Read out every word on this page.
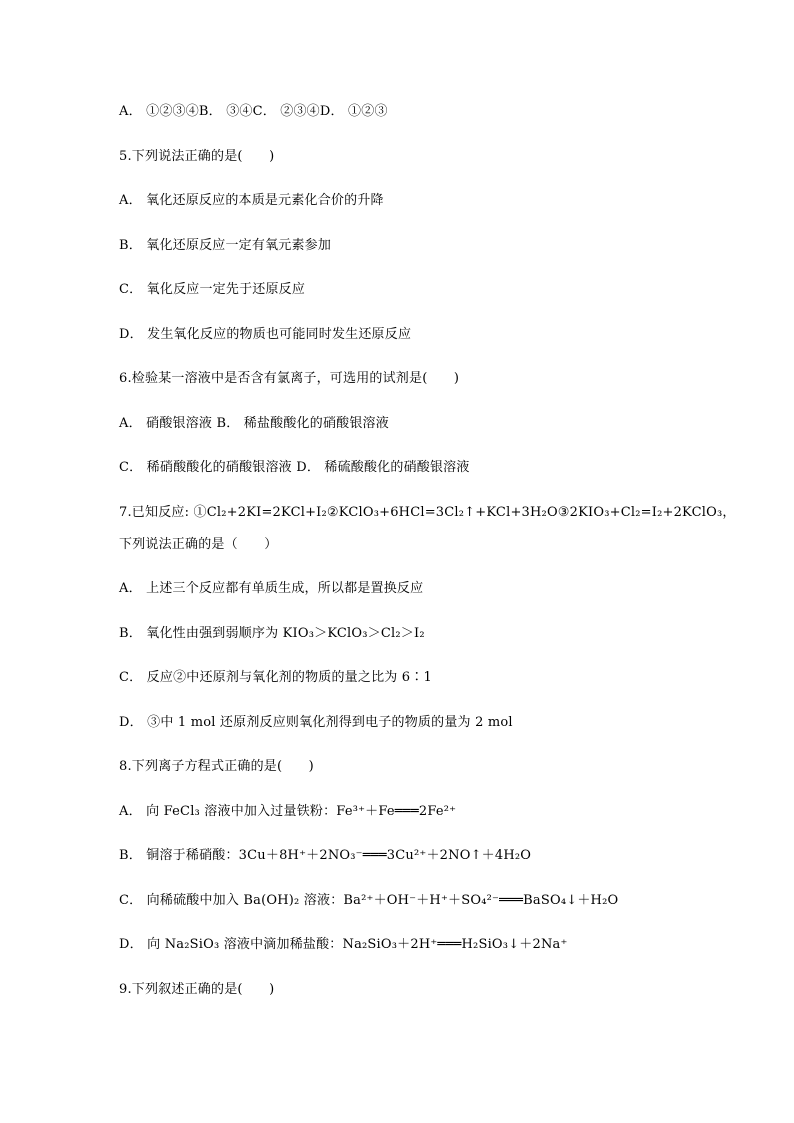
A． ①②③④B． ③④C． ②③④D． ①②③
5.下列说法正确的是(　　)
A． 氧化还原反应的本质是元素化合价的升降
B． 氧化还原反应一定有氧元素参加
C． 氧化反应一定先于还原反应
D． 发生氧化反应的物质也可能同时发生还原反应
6.检验某一溶液中是否含有氯离子，可选用的试剂是(　　)
A． 硝酸银溶液 B． 稀盐酸酸化的硝酸银溶液
C． 稀硝酸酸化的硝酸银溶液 D． 稀硫酸酸化的硝酸银溶液
7.已知反应: ①Cl₂+2KI=2KCl+I₂②KClO₃+6HCl=3Cl₂↑+KCl+3H₂O③2KIO₃+Cl₂=I₂+2KClO₃，
下列说法正确的是（　　）
A． 上述三个反应都有单质生成，所以都是置换反应
B． 氧化性由强到弱顺序为 KIO₃＞KClO₃＞Cl₂＞I₂
C． 反应②中还原剂与氧化剂的物质的量之比为 6∶1
D． ③中 1 mol 还原剂反应则氧化剂得到电子的物质的量为 2 mol
8.下列离子方程式正确的是(　　)
A． 向 FeCl₃ 溶液中加入过量铁粉：Fe³⁺＋Fe═══2Fe²⁺
B． 铜溶于稀硝酸：3Cu＋8H⁺＋2NO₃⁻═══3Cu²⁺＋2NO↑＋4H₂O
C． 向稀硫酸中加入 Ba(OH)₂ 溶液：Ba²⁺＋OH⁻＋H⁺＋SO₄²⁻═══BaSO₄↓＋H₂O
D． 向 Na₂SiO₃ 溶液中滴加稀盐酸：Na₂SiO₃＋2H⁺═══H₂SiO₃↓＋2Na⁺
9.下列叙述正确的是(　　)
